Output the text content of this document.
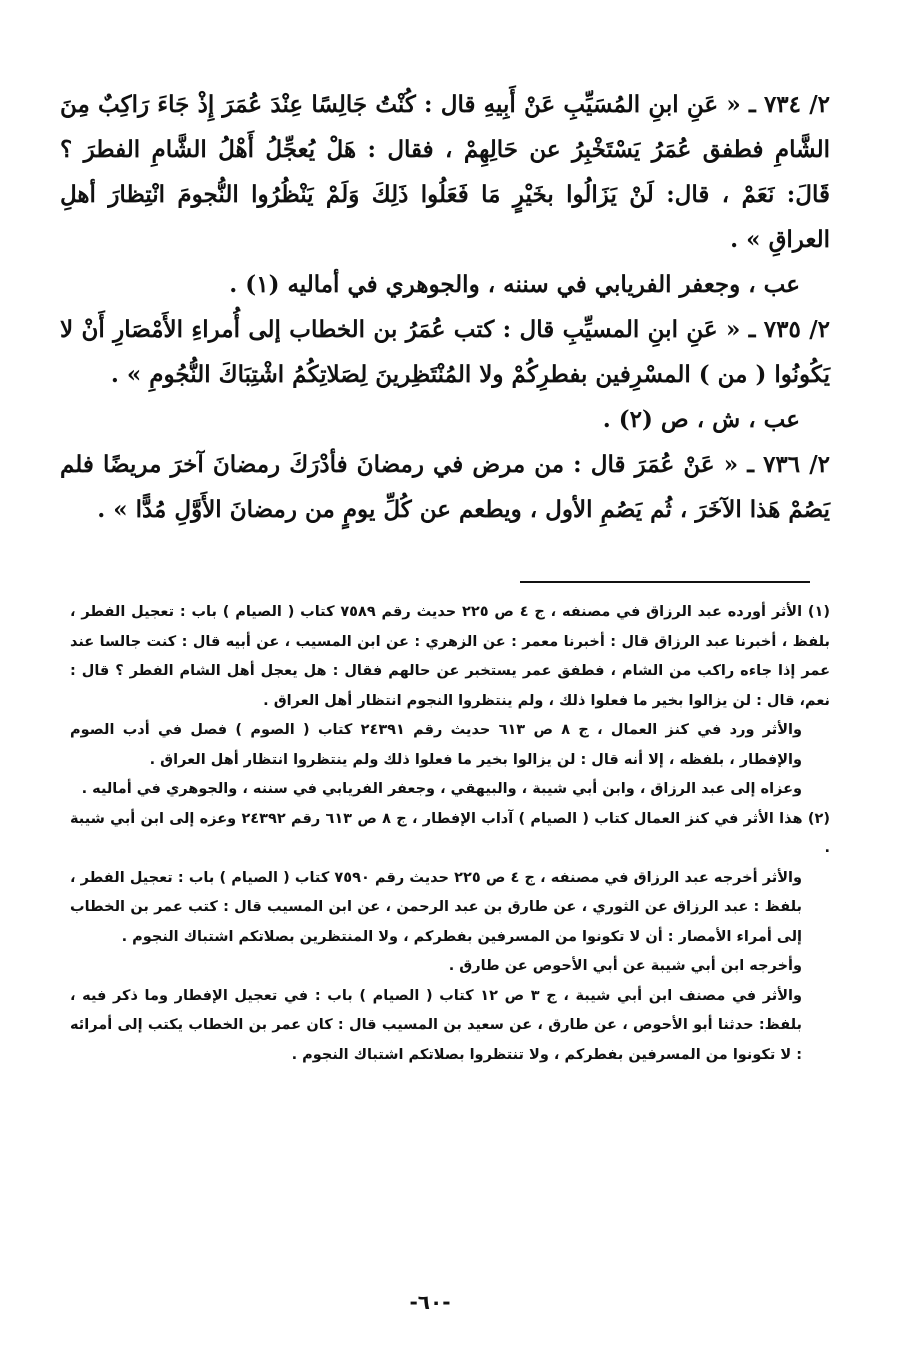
٢/ ٧٣٤ ـ « عَنِ ابنِ المُسَيِّبِ عَنْ أَبِيهِ قال : كُنْتُ جَالِسًا عِنْدَ عُمَرَ إِذْ جَاءَ رَاكِبٌ مِنَ الشَّامِ فطفق عُمَرُ يَسْتَخْبِرُ عن حَالِهِمْ ، فقال : هَلْ يُعجِّلُ أَهْلُ الشَّامِ الفطرَ ؟ قَالَ: نَعَمْ ، قال: لَنْ يَزَالُوا بخَيْرٍ مَا فَعَلُوا ذَلِكَ وَلَمْ يَنْظُرُوا النُّجومَ انْتِظارَ أهلِ العراقِ » .

عب ، وجعفر الفريابي في سننه ، والجوهري في أماليه (١) .

٢/ ٧٣٥ ـ « عَنِ ابنِ المسيِّبِ قال : كتب عُمَرُ بن الخطاب إلى أُمراءِ الأَمْصَارِ أَنْ لا يَكُونُوا ( من ) المسْرِفين بفطرِكُمْ ولا المُنْتَظِرينَ لِصَلاتِكُمُ اشْتِبَاكَ النُّجُومِ » .

عب ، ش ، ص (٢) .

٢/ ٧٣٦ ـ « عَنْ عُمَرَ قال : من مرض في رمضانَ فأدْرَكَ رمضانَ آخرَ مريضًا فلم يَصُمْ هَذا الآخَرَ ، ثُم يَصُمِ الأول ، ويطعم عن كُلِّ يومٍ من رمضانَ الأَوَّلِ مُدًّا » .

(١) الأثر أورده عبد الرزاق في مصنفه ، ج ٤ ص ٢٢٥ حديث رقم ٧٥٨٩ كتاب ( الصيام ) باب : تعجيل الفطر ، بلفظ ، أخبرنا عبد الرزاق قال : أخبرنا معمر : عن الزهري : عن ابن المسيب ، عن أبيه قال : كنت جالسا عند عمر إذا جاءه راكب من الشام ، فطفق عمر يستخبر عن حالهم فقال : هل يعجل أهل الشام الفطر ؟ قال : نعم، قال : لن يزالوا بخير ما فعلوا ذلك ، ولم ينتظروا النجوم انتظار أهل العراق .

والأثر ورد في كنز العمال ، ج ٨ ص ٦١٣ حديث رقم ٢٤٣٩١ كتاب ( الصوم ) فصل في أدب الصوم والإفطار ، بلفظه ، إلا أنه قال : لن يزالوا بخير ما فعلوا ذلك ولم ينتظروا انتظار أهل العراق .

وعزاه إلى عبد الرزاق ، وابن أبي شيبة ، والبيهقي ، وجعفر الفريابي في سننه ، والجوهري في أماليه .

(٢) هذا الأثر في كنز العمال كتاب ( الصيام ) آداب الإفطار ، ج ٨ ص ٦١٣ رقم ٢٤٣٩٢ وعزه إلى ابن أبي شيبة .

والأثر أخرجه عبد الرزاق في مصنفه ، ج ٤ ص ٢٢٥ حديث رقم ٧٥٩٠ كتاب ( الصيام ) باب : تعجيل الفطر ، بلفظ : عبد الرزاق عن الثوري ، عن طارق بن عبد الرحمن ، عن ابن المسيب قال : كتب عمر بن الخطاب إلى أمراء الأمصار : أن لا تكونوا من المسرفين بفطركم ، ولا المنتظرين بصلاتكم اشتباك النجوم .

وأخرجه ابن أبي شيبة عن أبي الأحوص عن طارق .

والأثر في مصنف ابن أبي شيبة ، ج ٣ ص ١٢ كتاب ( الصيام ) باب : في تعجيل الإفطار وما ذكر فيه ، بلفظ: حدثنا أبو الأحوص ، عن طارق ، عن سعيد بن المسيب قال : كان عمر بن الخطاب يكتب إلى أمرائه : لا تكونوا من المسرفين بفطركم ، ولا تنتظروا بصلاتكم اشتباك النجوم .

-٦٠-
